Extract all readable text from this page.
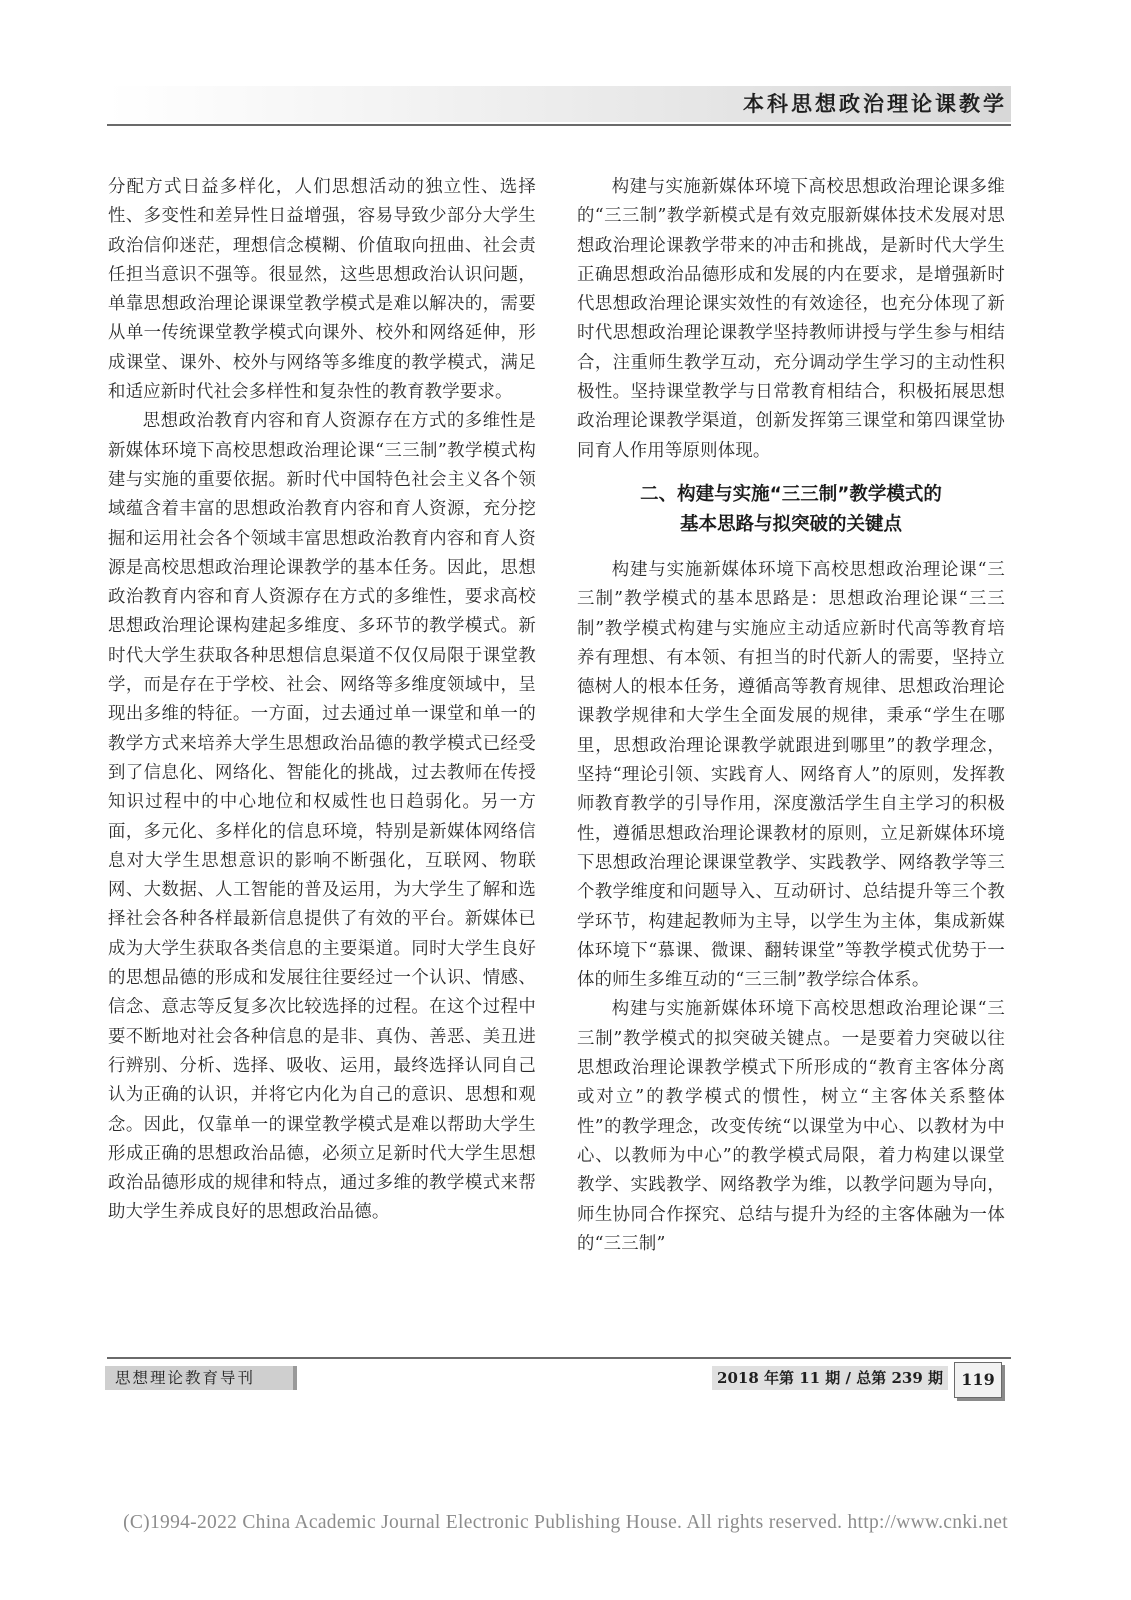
本科思想政治理论课教学

分配方式日益多样化，人们思想活动的独立性、选择性、多变性和差异性日益增强，容易导致少部分大学生政治信仰迷茫，理想信念模糊、价值取向扭曲、社会责任担当意识不强等。很显然，这些思想政治认识问题，单靠思想政治理论课课堂教学模式是难以解决的，需要从单一传统课堂教学模式向课外、校外和网络延伸，形成课堂、课外、校外与网络等多维度的教学模式，满足和适应新时代社会多样性和复杂性的教育教学要求。

思想政治教育内容和育人资源存在方式的多维性是新媒体环境下高校思想政治理论课“三三制”教学模式构建与实施的重要依据。新时代中国特色社会主义各个领域蕴含着丰富的思想政治教育内容和育人资源，充分挖掘和运用社会各个领域丰富思想政治教育内容和育人资源是高校思想政治理论课教学的基本任务。因此，思想政治教育内容和育人资源存在方式的多维性，要求高校思想政治理论课构建起多维度、多环节的教学模式。新时代大学生获取各种思想信息渠道不仅仅局限于课堂教学，而是存在于学校、社会、网络等多维度领域中，呈现出多维的特征。一方面，过去通过单一课堂和单一的教学方式来培养大学生思想政治品德的教学模式已经受到了信息化、网络化、智能化的挑战，过去教师在传授知识过程中的中心地位和权威性也日趋弱化。另一方面，多元化、多样化的信息环境，特别是新媒体网络信息对大学生思想意识的影响不断强化，互联网、物联网、大数据、人工智能的普及运用，为大学生了解和选择社会各种各样最新信息提供了有效的平台。新媒体已成为大学生获取各类信息的主要渠道。同时大学生良好的思想品德的形成和发展往往要经过一个认识、情感、信念、意志等反复多次比较选择的过程。在这个过程中要不断地对社会各种信息的是非、真伪、善恶、美丑进行辨别、分析、选择、吸收、运用，最终选择认同自己认为正确的认识，并将它内化为自己的意识、思想和观念。因此，仅靠单一的课堂教学模式是难以帮助大学生形成正确的思想政治品德，必须立足新时代大学生思想政治品德形成的规律和特点，通过多维的教学模式来帮助大学生养成良好的思想政治品德。

构建与实施新媒体环境下高校思想政治理论课多维的“三三制”教学新模式是有效克服新媒体技术发展对思想政治理论课教学带来的冲击和挑战，是新时代大学生正确思想政治品德形成和发展的内在要求，是增强新时代思想政治理论课实效性的有效途径，也充分体现了新时代思想政治理论课教学坚持教师讲授与学生参与相结合，注重师生教学互动，充分调动学生学习的主动性积极性。坚持课堂教学与日常教育相结合，积极拓展思想政治理论课教学渠道，创新发挥第三课堂和第四课堂协同育人作用等原则体现。

二、构建与实施“三三制”教学模式的
基本思路与拟突破的关键点

构建与实施新媒体环境下高校思想政治理论课“三三制”教学模式的基本思路是：思想政治理论课“三三制”教学模式构建与实施应主动适应新时代高等教育培养有理想、有本领、有担当的时代新人的需要，坚持立德树人的根本任务，遵循高等教育规律、思想政治理论课教学规律和大学生全面发展的规律，秉承“学生在哪里，思想政治理论课教学就跟进到哪里”的教学理念，坚持“理论引领、实践育人、网络育人”的原则，发挥教师教育教学的引导作用，深度激活学生自主学习的积极性，遵循思想政治理论课教材的原则，立足新媒体环境下思想政治理论课课堂教学、实践教学、网络教学等三个教学维度和问题导入、互动研讨、总结提升等三个教学环节，构建起教师为主导，以学生为主体，集成新媒体环境下“慕课、微课、翻转课堂”等教学模式优势于一体的师生多维互动的“三三制”教学综合体系。

构建与实施新媒体环境下高校思想政治理论课“三三制”教学模式的拟突破关键点。一是要着力突破以往思想政治理论课教学模式下所形成的“教育主客体分离或对立”的教学模式的惯性，树立“主客体关系整体性”的教学理念，改变传统“以课堂为中心、以教材为中心、以教师为中心”的教学模式局限，着力构建以课堂教学、实践教学、网络教学为维，以教学问题为导向，师生协同合作探究、总结与提升为经的主客体融为一体的“三三制”

思想理论教育导刊	2018 年第 11 期 / 总第 239 期	119
(C)1994-2022 China Academic Journal Electronic Publishing House. All rights reserved. http://www.cnki.net
